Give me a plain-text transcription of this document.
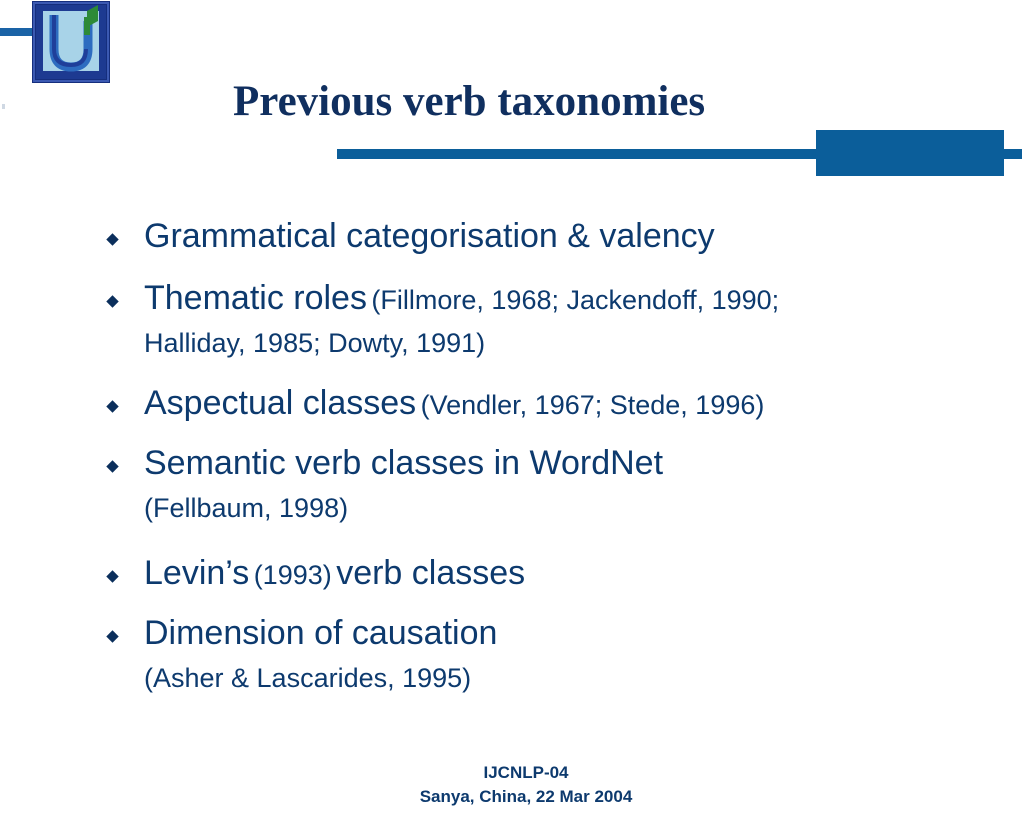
Previous verb taxonomies
Grammatical categorisation & valency
Thematic roles (Fillmore, 1968; Jackendoff, 1990;
Halliday, 1985; Dowty, 1991)
Aspectual classes (Vendler, 1967; Stede, 1996)
Semantic verb classes in WordNet
(Fellbaum, 1998)
Levin’s (1993) verb classes
Dimension of causation
(Asher & Lascarides, 1995)
IJCNLP-04
Sanya, China, 22 Mar 2004
